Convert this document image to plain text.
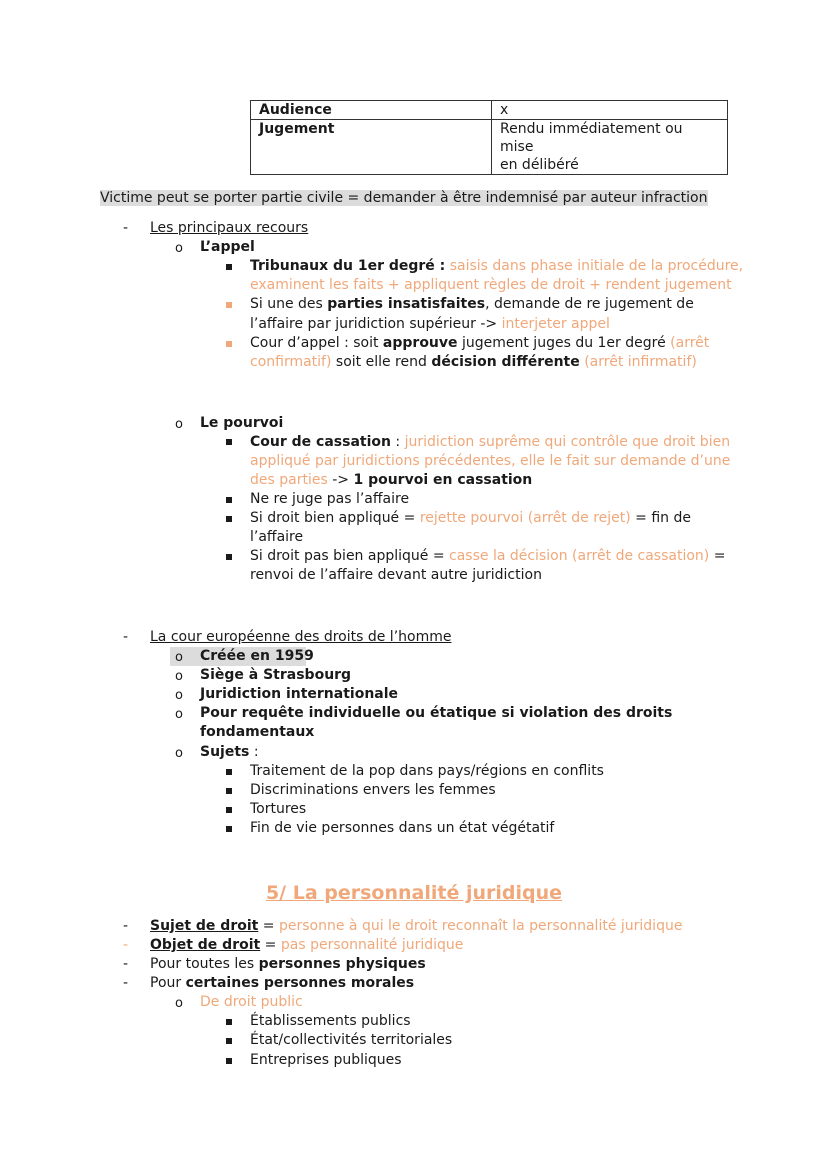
Audience	x
Jugement	Rendu immédiatement ou mise
en délibéré
Victime peut se porter partie civile = demander à être indemnisé par auteur infraction
- Les principaux recours
o L’appel
Tribunaux du 1er degré : saisis dans phase initiale de la procédure,
examinent les faits + appliquent règles de droit + rendent jugement
Si une des parties insatisfaites, demande de re jugement de
l’affaire par juridiction supérieur -> interjeter appel
Cour d’appel : soit approuve jugement juges du 1er degré (arrêt
confirmatif) soit elle rend décision différente (arrêt infirmatif)
o Le pourvoi
Cour de cassation : juridiction suprême qui contrôle que droit bien
appliqué par juridictions précédentes, elle le fait sur demande d’une
des parties -> 1 pourvoi en cassation
Ne re juge pas l’affaire
Si droit bien appliqué = rejette pourvoi (arrêt de rejet) = fin de
l’affaire
Si droit pas bien appliqué = casse la décision (arrêt de cassation) =
renvoi de l’affaire devant autre juridiction
- La cour européenne des droits de l’homme
o Créée en 1959
o Siège à Strasbourg
o Juridiction internationale
o Pour requête individuelle ou étatique si violation des droits
fondamentaux
o Sujets :
Traitement de la pop dans pays/régions en conflits
Discriminations envers les femmes
Tortures
Fin de vie personnes dans un état végétatif
5/ La personnalité juridique
- Sujet de droit = personne à qui le droit reconnaît la personnalité juridique
- Objet de droit = pas personnalité juridique
- Pour toutes les personnes physiques
- Pour certaines personnes morales
o De droit public
Établissements publics
État/collectivités territoriales
Entreprises publiques
